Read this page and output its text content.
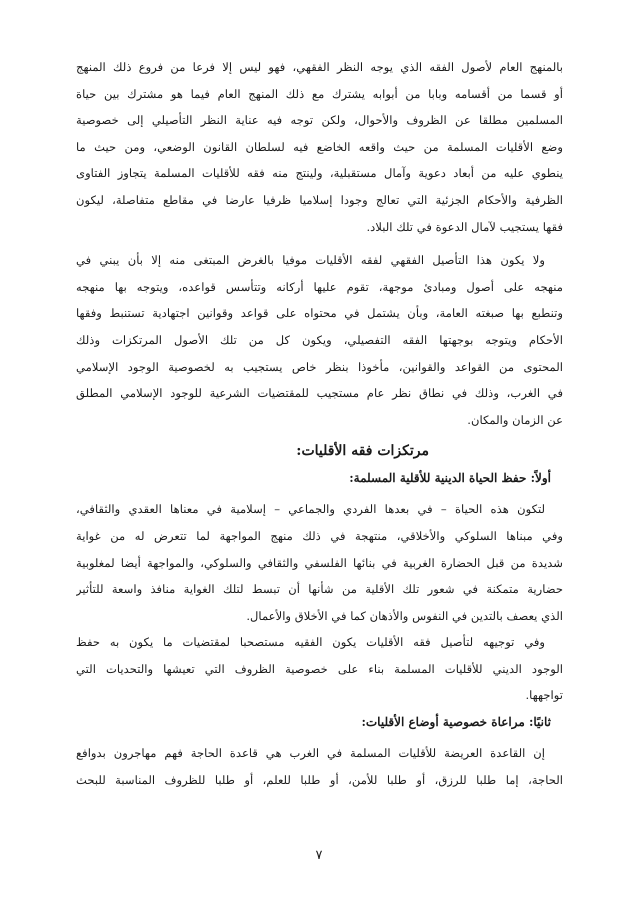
بالمنهج العام لأصول الفقه الذي يوجه النظر الفقهي، فهو ليس إلا فرعا من فروع ذلك المنهج
أو قسما من أقسامه وبابا من أبوابه يشترك مع ذلك المنهج العام فيما هو مشترك بين حياة
المسلمين مطلقا عن الظروف والأحوال، ولكن توجه فيه عناية النظر التأصيلي إلى خصوصية
وضع الأقليات المسلمة من حيث واقعه الخاضع فيه لسلطان القانون الوضعي، ومن حيث ما
ينطوي عليه من أبعاد دعوية وآمال مستقبلية، ولينتج منه فقه للأقليات المسلمة يتجاوز الفتاوى
الظرفية والأحكام الجزئية التي تعالج وجودا إسلاميا ظرفيا عارضا في مقاطع متفاصلة، ليكون
فقها يستجيب لآمال الدعوة في تلك البلاد.
ولا يكون هذا التأصيل الفقهي لفقه الأقليات موفيا بالغرض المبتغى منه إلا بأن يبني في
منهجه على أصول ومبادئ موجهة، تقوم عليها أركانه وتتأسس قواعده، ويتوجه بها منهجه
وتنطبع بها صبغته العامة، وبأن يشتمل في محتواه على قواعد وقوانين اجتهادية تستنبط وفقها
الأحكام ويتوجه بوجهتها الفقه التفصيلي، ويكون كل من تلك الأصول المرتكزات وذلك
المحتوى من القواعد والقوانين، مأخوذا بنظر خاص يستجيب به لخصوصية الوجود الإسلامي
في الغرب، وذلك في نطاق نظر عام مستجيب للمقتضيات الشرعية للوجود الإسلامي المطلق
عن الزمان والمكان.
مرتكزات فقه الأقليات:
أولاً: حفظ الحياة الدينية للأقلية المسلمة:
لتكون هذه الحياة – في بعدها الفردي والجماعي – إسلامية في معناها العقدي والثقافي،
وفي مبناها السلوكي والأخلاقي، منتهجة في ذلك منهج المواجهة لما تتعرض له من غواية
شديدة من قبل الحضارة الغربية في بنائها الفلسفي والثقافي والسلوكي، والمواجهة أيضا لمغلوبية
حضارية متمكنة في شعور تلك الأقلية من شأنها أن تبسط لتلك الغواية منافذ واسعة للتأثير
الذي يعصف بالتدين في النفوس والأذهان كما في الأخلاق والأعمال.
وفي توجيهه لتأصيل فقه الأقليات يكون الفقيه مستصحبا لمقتضيات ما يكون به حفظ
الوجود الديني للأقليات المسلمة بناء على خصوصية الظروف التي تعيشها والتحديات التي
تواجهها.
ثانيًا: مراعاة خصوصية أوضاع الأقليات:
إن القاعدة العريضة للأقليات المسلمة في الغرب هي قاعدة الحاجة فهم مهاجرون بدوافع
الحاجة، إما طلبا للرزق، أو طلبا للأمن، أو طلبا للعلم، أو طلبا للظروف المناسبة للبحث
٧
